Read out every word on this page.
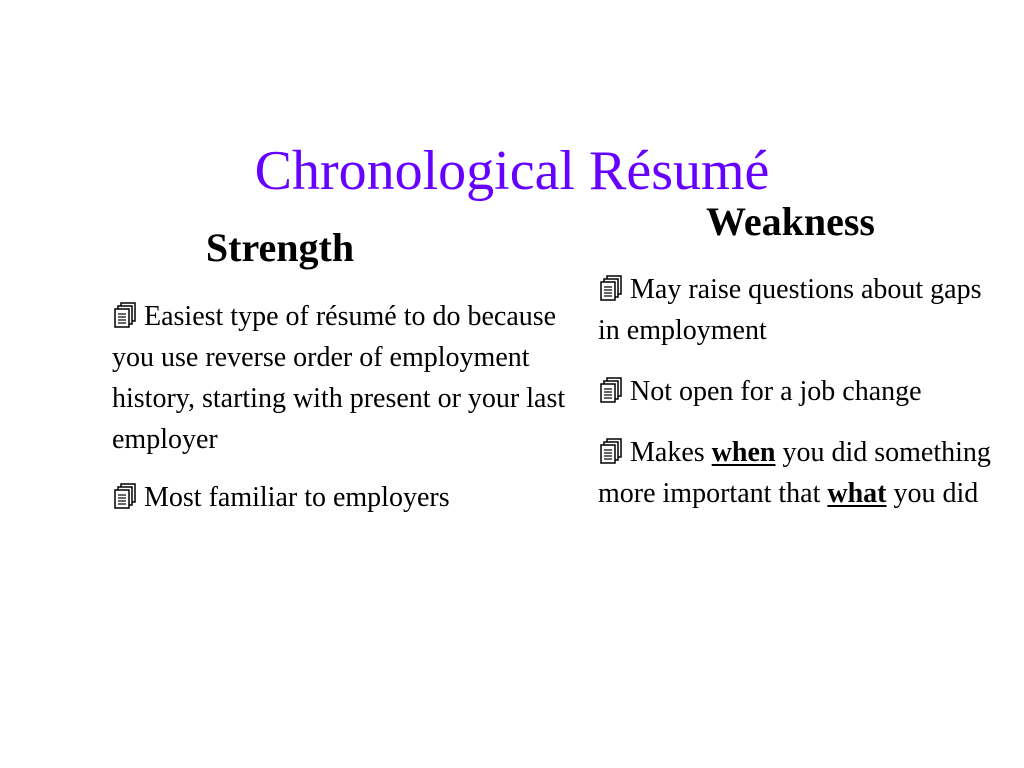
Chronological Résumé
Strength
Easiest type of résumé to do because you use reverse order of employment history, starting with present or your last employer
Most familiar to employers
Weakness
May raise questions about gaps in employment
Not open for a job change
Makes when you did something more important that what you did
